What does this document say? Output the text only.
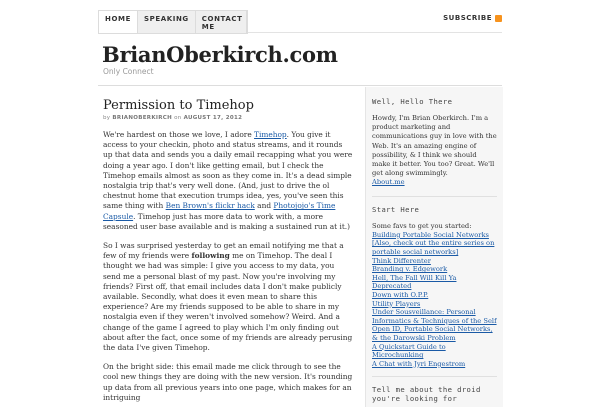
HOME	SPEAKING	CONTACT ME
SUBSCRIBE
BrianOberkirch.com
Only Connect
Permission to Timehop
by BRIANOBERKIRCH on AUGUST 17, 2012

We're hardest on those we love, I adore Timehop. You give it access to your checkin, photo and status streams, and it rounds up that data and sends you a daily email recapping what you were doing a year ago. I don't like getting email, but I check the Timehop emails almost as soon as they come in. It's a dead simple nostalgia trip that's very well done. (And, just to drive the ol chestnut home that execution trumps idea, yes, you've seen this same thing with Ben Brown's flickr hack and Photojojo's Time Capsule. Timehop just has more data to work with, a more seasoned user base available and is making a sustained run at it.)

So I was surprised yesterday to get an email notifying me that a few of my friends were following me on Timehop. The deal I thought we had was simple: I give you access to my data, you send me a personal blast of my past. Now you're involving my friends? First off, that email includes data I don't make publicly available. Secondly, what does it even mean to share this experience? Are my friends supposed to be able to share in my nostalgia even if they weren't involved somehow? Weird. And a change of the game I agreed to play which I'm only finding out about after the fact, once some of my friends are already perusing the data I've given Timehop.

On the bright side: this email made me click through to see the cool new things they are doing with the new version. It's rounding up data from all previous years into one page, which makes for an intriguing

Well, Hello There
Howdy, I'm Brian Oberkirch. I'm a product marketing and communications guy in love with the Web. It's an amazing engine of possibility, & I think we should make it better. You too? Great. We'll get along swimmingly.
About.me
Start Here
Some favs to get you started:
Building Portable Social Networks
[Also, check out the entire series on portable social networks]
Think Differenter
Branding v. Edgework
Hell, The Fall Will Kill Ya
Deprecated
Down with O.P.P.
Utility Players
Under Sousveillance: Personal Informatics & Techniques of the Self
Open ID, Portable Social Networks, & the Darowski Problem
A Quickstart Guide to Microchunking
A Chat with Jyri Engestrom
Tell me about the droid you're looking for
